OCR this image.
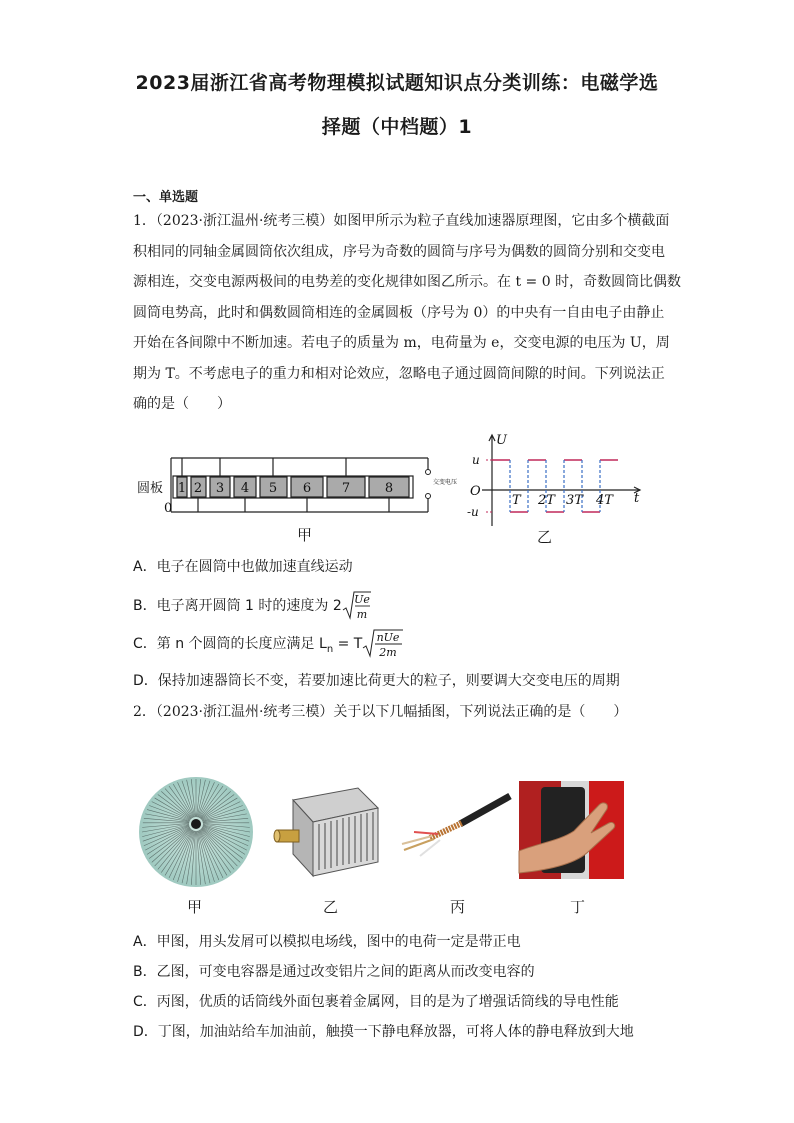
2023届浙江省高考物理模拟试题知识点分类训练：电磁学选
择题（中档题）1
一、单选题
1．（2023·浙江温州·统考三模）如图甲所示为粒子直线加速器原理图，它由多个横截面
积相同的同轴金属圆筒依次组成，序号为奇数的圆筒与序号为偶数的圆筒分别和交变电
源相连，交变电源两极间的电势差的变化规律如图乙所示。在 t = 0 时，奇数圆筒比偶数
圆筒电势高，此时和偶数圆筒相连的金属圆板（序号为 0）的中央有一自由电子由静止
开始在各间隙中不断加速。若电子的质量为 m，电荷量为 e，交变电源的电压为 U，周
期为 T。不考虑电子的重力和相对论效应，忽略电子通过圆筒间隙的时间。下列说法正
确的是（　　）
1 2 3 4 5 6 7	8
圆板
0
交变电压
甲
U
t
O
u
-u
T 2T 3T 4T
乙
A．电子在圆筒中也做加速直线运动
B．电子离开圆筒 1 时的速度为 2 Ue
m
C．第 n 个圆筒的长度应满足 $L_n = T$ nUe
2m
D．保持加速器筒长不变，若要加速比荷更大的粒子，则要调大交变电压的周期
2．（2023·浙江温州·统考三模）关于以下几幅插图，下列说法正确的是（　　）
甲	乙	丙	丁
A．甲图，用头发屑可以模拟电场线，图中的电荷一定是带正电
B．乙图，可变电容器是通过改变铝片之间的距离从而改变电容的
C．丙图，优质的话筒线外面包裹着金属网，目的是为了增强话筒线的导电性能
D．丁图，加油站给车加油前，触摸一下静电释放器，可将人体的静电释放到大地
